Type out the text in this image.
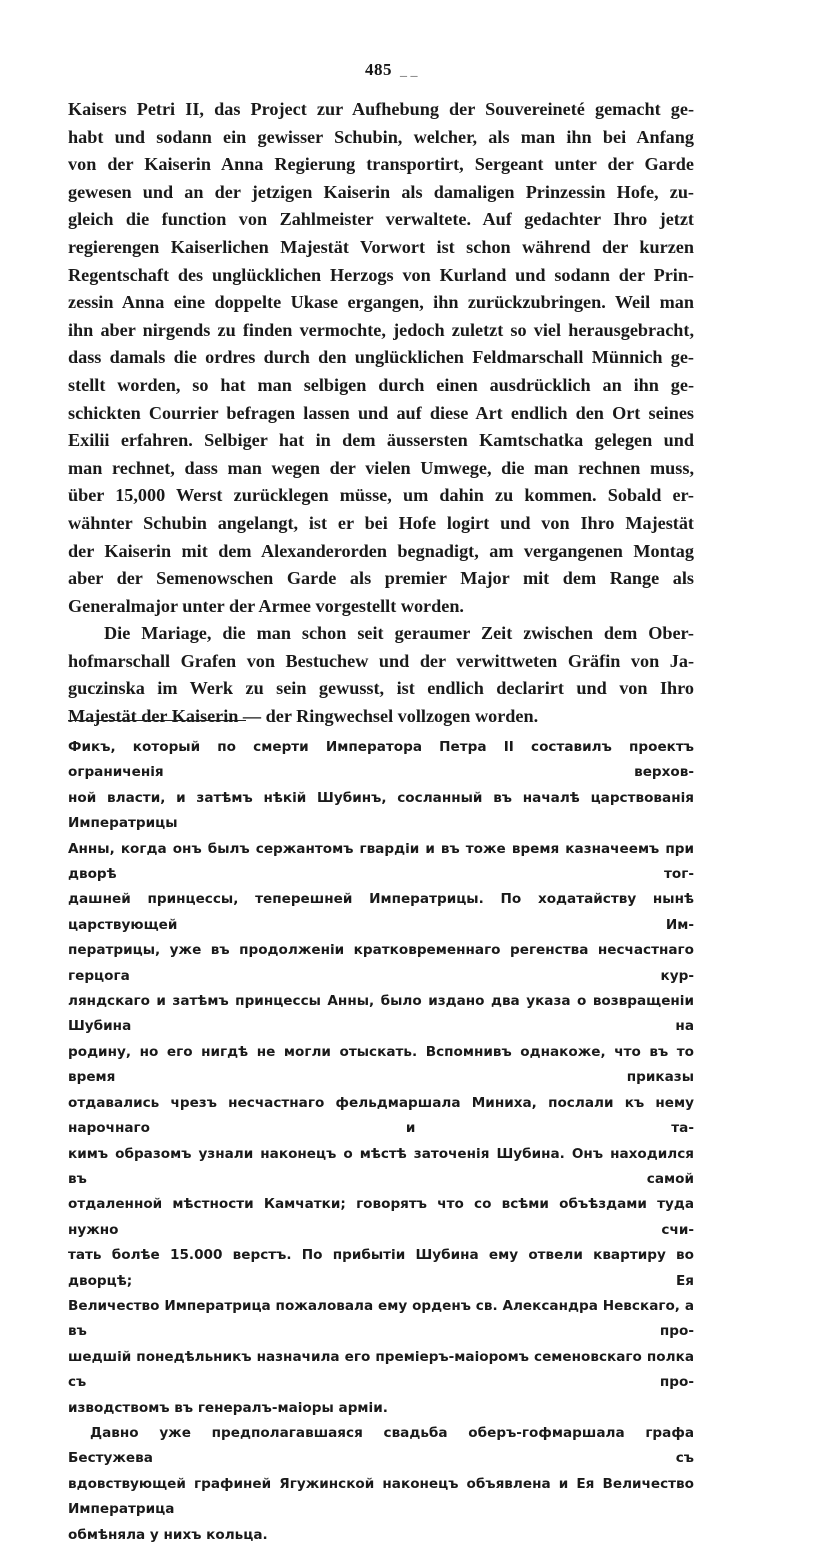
485 _ _

Kaisers Petri II, das Project zur Aufhebung der Souvereineté gemacht ge-

habt und sodann ein gewisser Schubin, welcher, als man ihn bei Anfang

von der Kaiserin Anna Regierung transportirt, Sergeant unter der Garde

gewesen und an der jetzigen Kaiserin als damaligen Prinzessin Hofe, zu-

gleich die function von Zahlmeister verwaltete. Auf gedachter Ihro jetzt

regierengen Kaiserlichen Majestät Vorwort ist schon während der kurzen

Regentschaft des unglücklichen Herzogs von Kurland und sodann der Prin-

zessin Anna eine doppelte Ukase ergangen, ihn zurückzubringen. Weil man

ihn aber nirgends zu finden vermochte, jedoch zuletzt so viel herausgebracht,

dass damals die ordres durch den unglücklichen Feldmarschall Münnich ge-

stellt worden, so hat man selbigen durch einen ausdrücklich an ihn ge-

schickten Courrier befragen lassen und auf diese Art endlich den Ort seines

Exilii erfahren. Selbiger hat in dem äussersten Kamtschatka gelegen und

man rechnet, dass man wegen der vielen Umwege, die man rechnen muss,

über 15,000 Werst zurücklegen müsse, um dahin zu kommen. Sobald er-

wähnter Schubin angelangt, ist er bei Hofe logirt und von Ihro Majestät

der Kaiserin mit dem Alexanderorden begnadigt, am vergangenen Montag

aber der Semenowschen Garde als premier Major mit dem Range als

Generalmajor unter der Armee vorgestellt worden.

Die Mariage, die man schon seit geraumer Zeit zwischen dem Ober-

hofmarschall Grafen von Bestuchew und der verwittweten Gräfin von Ja-

guczinska im Werk zu sein gewusst, ist endlich declarirt und von Ihro

Majestät der Kaiserin — der Ringwechsel vollzogen worden.

Фикъ, который по смерти Императора Петра II составилъ проектъ ограниченія верхов-

ной власти, и затѣмъ нѣкій Шубинъ, сосланный въ началѣ царствованія Императрицы

Анны, когда онъ былъ сержантомъ гвардіи и въ тоже время казначеемъ при дворѣ тог-

дашней принцессы, теперешней Императрицы. По ходатайству нынѣ царствующей Им-

ператрицы, уже въ продолженіи кратковременнаго регенства несчастнаго герцога кур-

ляндскаго и затѣмъ принцессы Анны, было издано два указа о возвращеніи Шубина на

родину, но его нигдѣ не могли отыскать. Вспомнивъ однакоже, что въ то время приказы

отдавались чрезъ несчастнаго фельдмаршала Миниха, послали къ нему нарочнаго и та-

кимъ образомъ узнали наконецъ о мѣстѣ заточенія Шубина. Онъ находился въ самой

отдаленной мѣстности Камчатки; говорятъ что со всѣми объѣздами туда нужно счи-

тать болѣе 15.000 верстъ. По прибытіи Шубина ему отвели квартиру во дворцѣ; Ея

Величество Императрица пожаловала ему орденъ св. Александра Невскаго, а въ про-

шедшій понедѣльникъ назначила его премiеръ-маiоромъ семеновскаго полка съ про-

изводствомъ въ генералъ-маiоры арміи.

Давно уже предполагавшаяся свадьба оберъ-гофмаршала графа Бестужева съ

вдовствующей графиней Ягужинской наконецъ объявлена и Ея Величество Императрица

обмѣняла у нихъ кольца.
